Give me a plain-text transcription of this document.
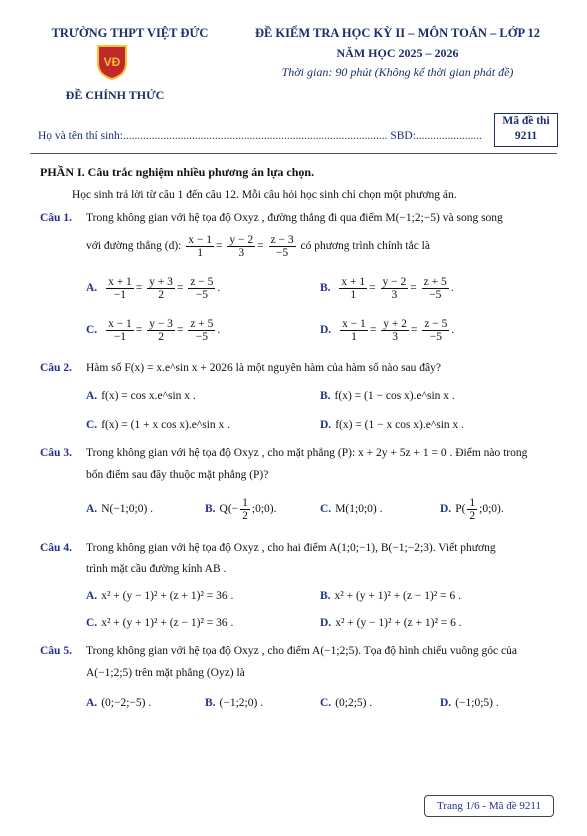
TRƯỜNG THPT VIỆT ĐỨC
VĐ
ĐỀ CHÍNH THỨC
ĐỀ KIỂM TRA HỌC KỲ II – MÔN TOÁN – LỚP 12
NĂM HỌC 2025 – 2026
Thời gian: 90 phút (Không kể thời gian phát đề)
Họ và tên thí sinh:............................................................................................ SBD:.......................
Mã đề thi
9211
PHẦN I. Câu trắc nghiệm nhiều phương án lựa chọn.
Học sinh trả lời từ câu 1 đến câu 12. Mỗi câu hỏi học sinh chỉ chọn một phương án.
Câu 1. Trong không gian với hệ tọa độ Oxyz , đường thẳng đi qua điểm M(−1;2;−5) và song song
với đường thẳng (d): $\frac{x - 1}{1} = \frac{y - 2}{3} = \frac{z - 3}{-5}$ có phương trình chính tắc là
A. $\frac{x + 1}{-1} = \frac{y + 3}{2} = \frac{z - 5}{-5}$ .	B. $\frac{x + 1}{1} = \frac{y - 2}{3} = \frac{z + 5}{-5}$ .
C. $\frac{x - 1}{-1} = \frac{y - 3}{2} = \frac{z + 5}{-5}$ .	D. $\frac{x - 1}{1} = \frac{y + 2}{3} = \frac{z - 5}{-5}$ .
Câu 2. Hàm số F(x) = x.e^sin x + 2026 là một nguyên hàm của hàm số nào sau đây?
A. f(x) = cos x.e^sin x .	B. f(x) = (1 − cos x).e^sin x .
C. f(x) = (1 + x cos x).e^sin x .	D. f(x) = (1 − x cos x).e^sin x .
Câu 3. Trong không gian với hệ tọa độ Oxyz , cho mặt phẳng (P): x + 2y + 5z + 1 = 0 . Điểm nào trong
bốn điểm sau đây thuộc mặt phẳng (P)?
A. N(−1;0;0) .	B. $Q(- \frac{1}{2}$ ;0;0).	C. M(1;0;0) .	D. $P( \frac{1}{2}$ ;0;0).
Câu 4. Trong không gian với hệ tọa độ Oxyz , cho hai điểm A(1;0;−1), B(−1;−2;3). Viết phương
trình mặt cầu đường kính AB .
A. x² + (y − 1)² + (z + 1)² = 36 .	B. x² + (y + 1)² + (z − 1)² = 6 .
C. x² + (y + 1)² + (z − 1)² = 36 .	D. x² + (y − 1)² + (z + 1)² = 6 .
Câu 5. Trong không gian với hệ tọa độ Oxyz , cho điểm A(−1;2;5). Tọa độ hình chiếu vuông góc của
A(−1;2;5) trên mặt phẳng (Oyz) là
A. (0;−2;−5) .	B. (−1;2;0) .	C. (0;2;5) .	D. (−1;0;5) .
Trang 1/6 - Mã đề 9211
